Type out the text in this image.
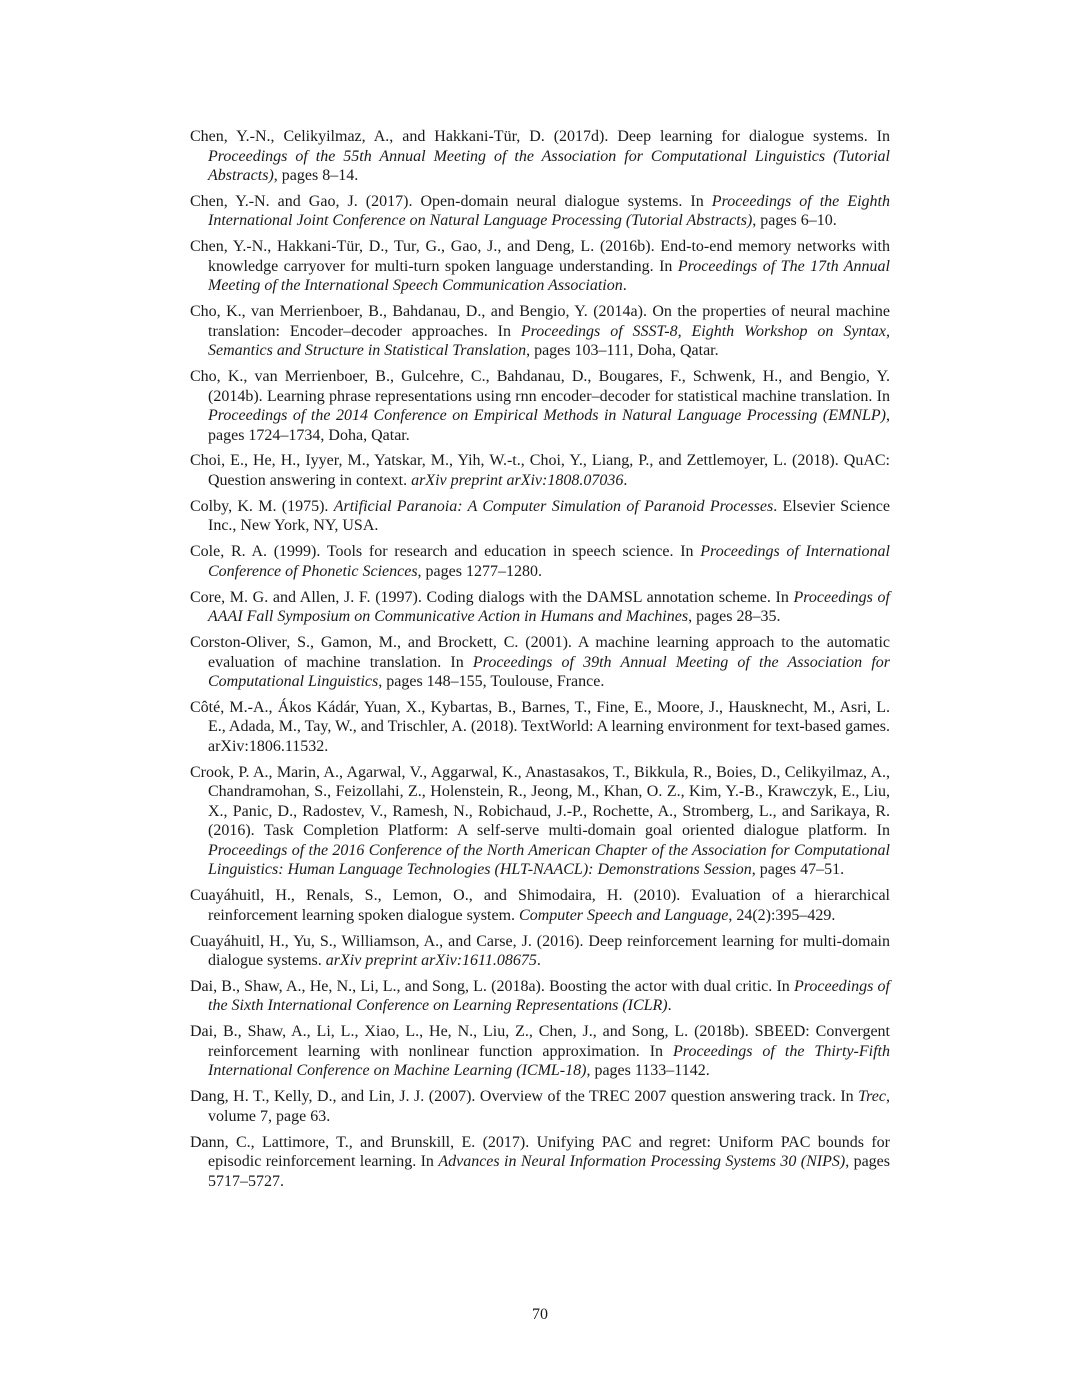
Chen, Y.-N., Celikyilmaz, A., and Hakkani-Tür, D. (2017d). Deep learning for dialogue systems. In Proceedings of the 55th Annual Meeting of the Association for Computational Linguistics (Tutorial Abstracts), pages 8–14.

Chen, Y.-N. and Gao, J. (2017). Open-domain neural dialogue systems. In Proceedings of the Eighth International Joint Conference on Natural Language Processing (Tutorial Abstracts), pages 6–10.

Chen, Y.-N., Hakkani-Tür, D., Tur, G., Gao, J., and Deng, L. (2016b). End-to-end memory networks with knowledge carryover for multi-turn spoken language understanding. In Proceedings of The 17th Annual Meeting of the International Speech Communication Association.

Cho, K., van Merrienboer, B., Bahdanau, D., and Bengio, Y. (2014a). On the properties of neural machine translation: Encoder–decoder approaches. In Proceedings of SSST-8, Eighth Workshop on Syntax, Semantics and Structure in Statistical Translation, pages 103–111, Doha, Qatar.

Cho, K., van Merrienboer, B., Gulcehre, C., Bahdanau, D., Bougares, F., Schwenk, H., and Bengio, Y. (2014b). Learning phrase representations using rnn encoder–decoder for statistical machine translation. In Proceedings of the 2014 Conference on Empirical Methods in Natural Language Processing (EMNLP), pages 1724–1734, Doha, Qatar.

Choi, E., He, H., Iyyer, M., Yatskar, M., Yih, W.-t., Choi, Y., Liang, P., and Zettlemoyer, L. (2018). QuAC: Question answering in context. arXiv preprint arXiv:1808.07036.

Colby, K. M. (1975). Artificial Paranoia: A Computer Simulation of Paranoid Processes. Elsevier Science Inc., New York, NY, USA.

Cole, R. A. (1999). Tools for research and education in speech science. In Proceedings of International Conference of Phonetic Sciences, pages 1277–1280.

Core, M. G. and Allen, J. F. (1997). Coding dialogs with the DAMSL annotation scheme. In Proceedings of AAAI Fall Symposium on Communicative Action in Humans and Machines, pages 28–35.

Corston-Oliver, S., Gamon, M., and Brockett, C. (2001). A machine learning approach to the automatic evaluation of machine translation. In Proceedings of 39th Annual Meeting of the Association for Computational Linguistics, pages 148–155, Toulouse, France.

Côté, M.-A., Ákos Kádár, Yuan, X., Kybartas, B., Barnes, T., Fine, E., Moore, J., Hausknecht, M., Asri, L. E., Adada, M., Tay, W., and Trischler, A. (2018). TextWorld: A learning environment for text-based games. arXiv:1806.11532.

Crook, P. A., Marin, A., Agarwal, V., Aggarwal, K., Anastasakos, T., Bikkula, R., Boies, D., Celikyilmaz, A., Chandramohan, S., Feizollahi, Z., Holenstein, R., Jeong, M., Khan, O. Z., Kim, Y.-B., Krawczyk, E., Liu, X., Panic, D., Radostev, V., Ramesh, N., Robichaud, J.-P., Rochette, A., Stromberg, L., and Sarikaya, R. (2016). Task Completion Platform: A self-serve multi-domain goal oriented dialogue platform. In Proceedings of the 2016 Conference of the North American Chapter of the Association for Computational Linguistics: Human Language Technologies (HLT-NAACL): Demonstrations Session, pages 47–51.

Cuayáhuitl, H., Renals, S., Lemon, O., and Shimodaira, H. (2010). Evaluation of a hierarchical reinforcement learning spoken dialogue system. Computer Speech and Language, 24(2):395–429.

Cuayáhuitl, H., Yu, S., Williamson, A., and Carse, J. (2016). Deep reinforcement learning for multi-domain dialogue systems. arXiv preprint arXiv:1611.08675.

Dai, B., Shaw, A., He, N., Li, L., and Song, L. (2018a). Boosting the actor with dual critic. In Proceedings of the Sixth International Conference on Learning Representations (ICLR).

Dai, B., Shaw, A., Li, L., Xiao, L., He, N., Liu, Z., Chen, J., and Song, L. (2018b). SBEED: Convergent reinforcement learning with nonlinear function approximation. In Proceedings of the Thirty-Fifth International Conference on Machine Learning (ICML-18), pages 1133–1142.

Dang, H. T., Kelly, D., and Lin, J. J. (2007). Overview of the TREC 2007 question answering track. In Trec, volume 7, page 63.

Dann, C., Lattimore, T., and Brunskill, E. (2017). Unifying PAC and regret: Uniform PAC bounds for episodic reinforcement learning. In Advances in Neural Information Processing Systems 30 (NIPS), pages 5717–5727.

70
